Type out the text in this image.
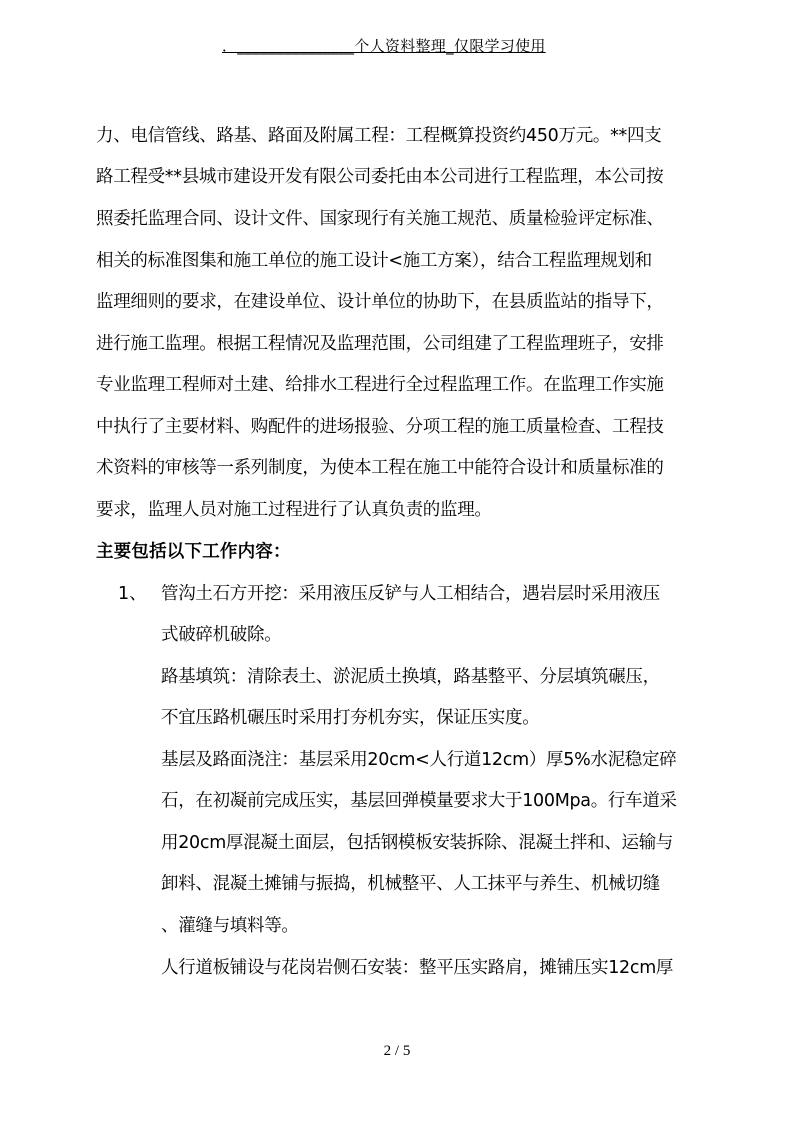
．_______________个人资料整理_仅限学习使用
力、电信管线、路基、路面及附属工程：工程概算投资约450万元。**四支
路工程受**县城市建设开发有限公司委托由本公司进行工程监理，本公司按
照委托监理合同、设计文件、国家现行有关施工规范、质量检验评定标准、
相关的标准图集和施工单位的施工设计<施工方案），结合工程监理规划和
监理细则的要求，在建设单位、设计单位的协助下，在县质监站的指导下，
进行施工监理。根据工程情况及监理范围，公司组建了工程监理班子，安排
专业监理工程师对土建、给排水工程进行全过程监理工作。在监理工作实施
中执行了主要材料、购配件的进场报验、分项工程的施工质量检查、工程技
术资料的审核等一系列制度，为使本工程在施工中能符合设计和质量标准的
要求，监理人员对施工过程进行了认真负责的监理。
主要包括以下工作内容：
1、 管沟土石方开挖：采用液压反铲与人工相结合，遇岩层时采用液压
式破碎机破除。
路基填筑：清除表土、淤泥质土换填，路基整平、分层填筑碾压，
不宜压路机碾压时采用打夯机夯实，保证压实度。
基层及路面浇注：基层采用20cm<人行道12cm）厚5%水泥稳定碎
石，在初凝前完成压实，基层回弹模量要求大于100Mpa。行车道采
用20cm厚混凝土面层，包括钢模板安装拆除、混凝土拌和、运输与
卸料、混凝土摊铺与振捣，机械整平、人工抹平与养生、机械切缝
、灌缝与填料等。
人行道板铺设与花岗岩侧石安装：整平压实路肩，摊铺压实12cm厚
2 / 5
